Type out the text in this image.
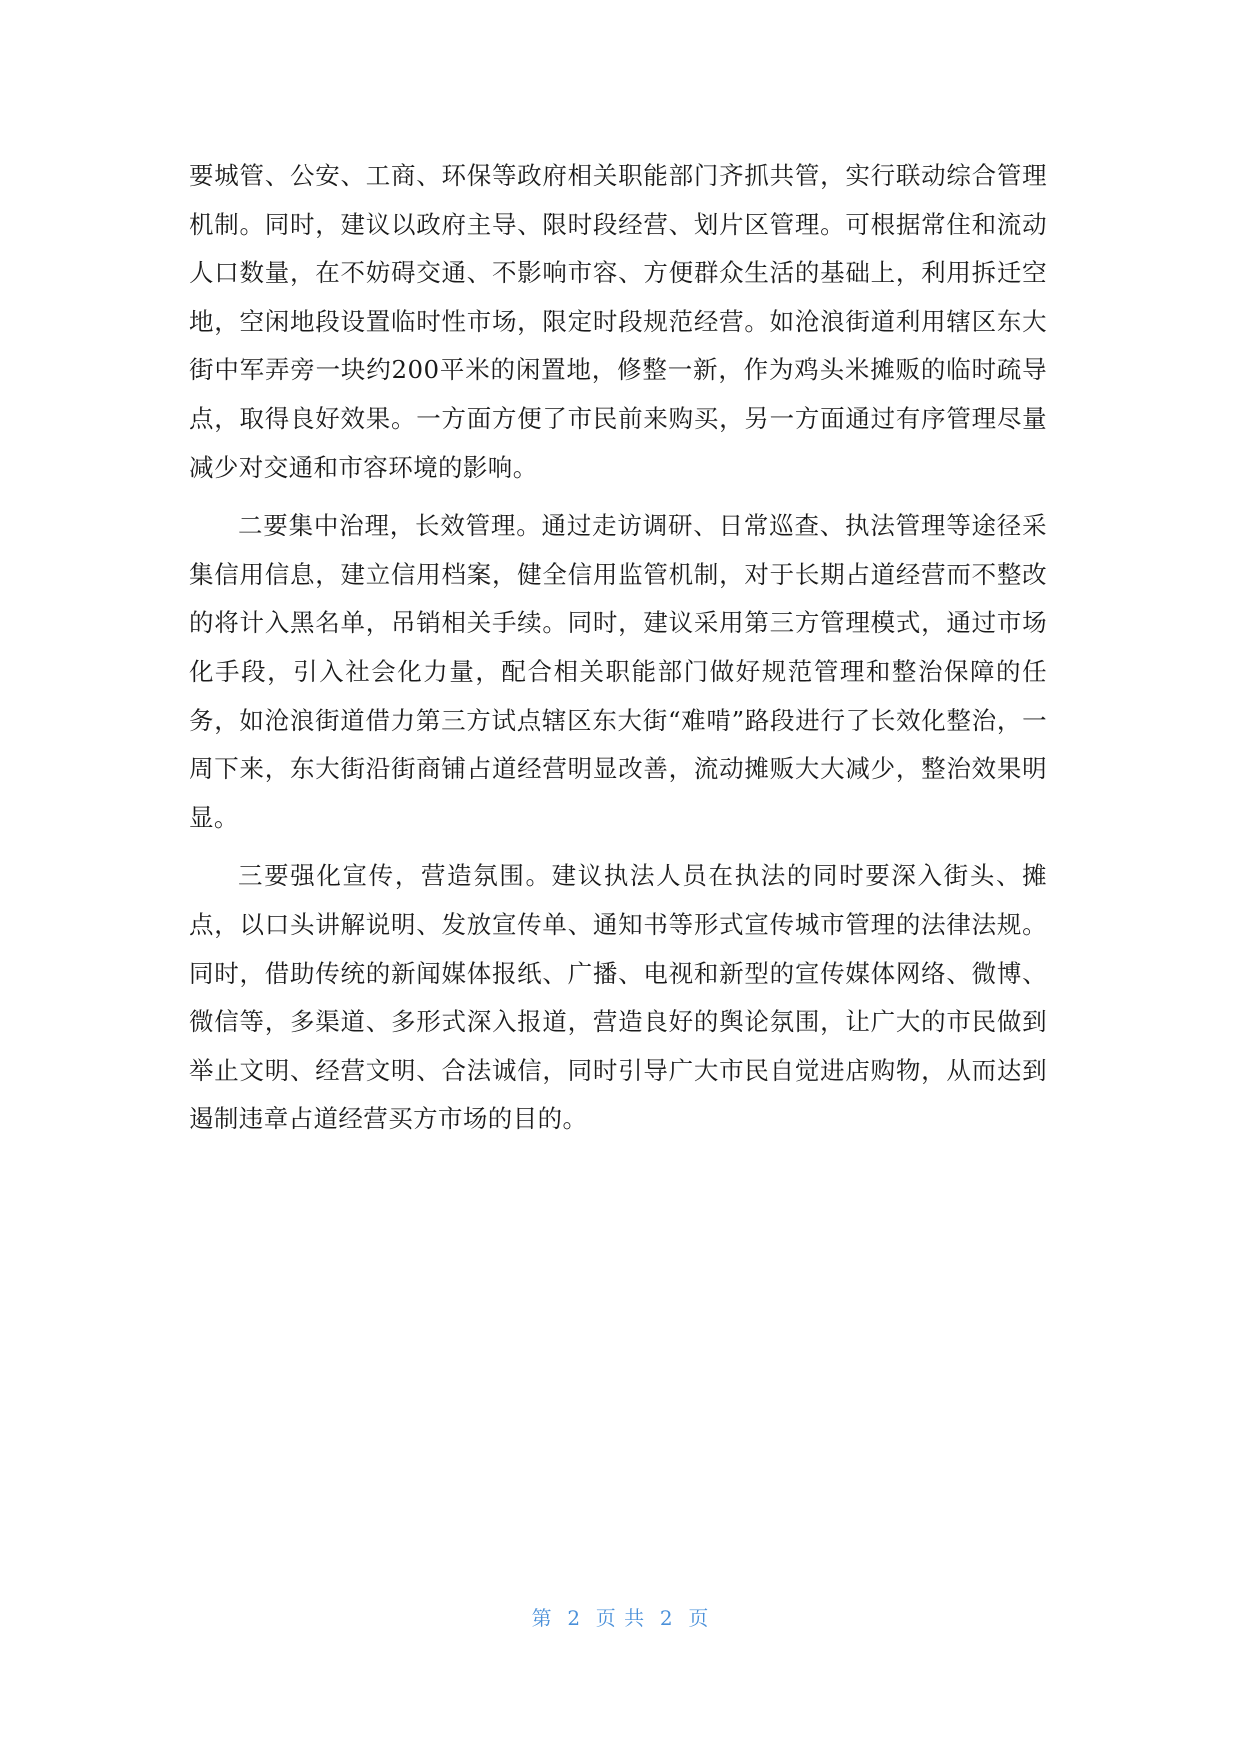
要城管、公安、工商、环保等政府相关职能部门齐抓共管，实行联动综合管理机制。同时，建议以政府主导、限时段经营、划片区管理。可根据常住和流动人口数量，在不妨碍交通、不影响市容、方便群众生活的基础上，利用拆迁空地，空闲地段设置临时性市场，限定时段规范经营。如沧浪街道利用辖区东大街中军弄旁一块约200平米的闲置地，修整一新，作为鸡头米摊贩的临时疏导点，取得良好效果。一方面方便了市民前来购买，另一方面通过有序管理尽量减少对交通和市容环境的影响。

二要集中治理，长效管理。通过走访调研、日常巡查、执法管理等途径采集信用信息，建立信用档案，健全信用监管机制，对于长期占道经营而不整改的将计入黑名单，吊销相关手续。同时，建议采用第三方管理模式，通过市场化手段，引入社会化力量，配合相关职能部门做好规范管理和整治保障的任务，如沧浪街道借力第三方试点辖区东大街“难啃”路段进行了长效化整治，一周下来，东大街沿街商铺占道经营明显改善，流动摊贩大大减少，整治效果明显。

三要强化宣传，营造氛围。建议执法人员在执法的同时要深入街头、摊点，以口头讲解说明、发放宣传单、通知书等形式宣传城市管理的法律法规。同时，借助传统的新闻媒体报纸、广播、电视和新型的宣传媒体网络、微博、微信等，多渠道、多形式深入报道，营造良好的舆论氛围，让广大的市民做到举止文明、经营文明、合法诚信，同时引导广大市民自觉进店购物，从而达到遏制违章占道经营买方市场的目的。

第  2  页 共  2  页
